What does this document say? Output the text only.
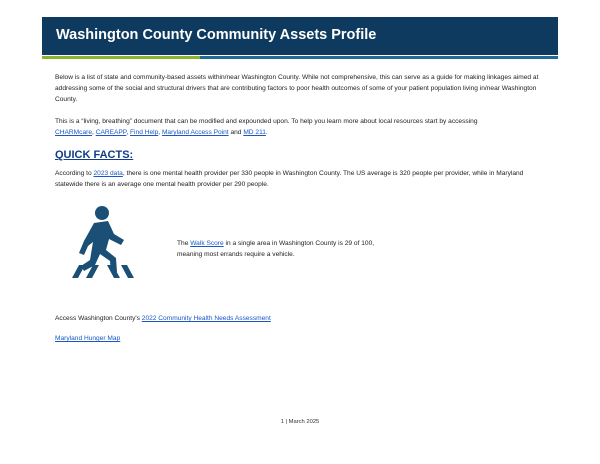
Washington County Community Assets Profile
Below is a list of state and community-based assets within/near Washington County. While not comprehensive, this can serve as a guide for making linkages aimed at addressing some of the social and structural drivers that are contributing factors to poor health outcomes of some of your patient population living in/near Washington County.
This is a “living, breathing” document that can be modified and expounded upon. To help you learn more about local resources start by accessing
CHARMcare, CAREAPP, Find Help, Maryland Access Point and MD 211.
QUICK FACTS:
According to 2023 data, there is one mental health provider per 330 people in Washington County. The US average is 320 people per provider, while in Maryland statewide there is an average one mental health provider per 290 people.
The Walk Score in a single area in Washington County is 29 of 100,
meaning most errands require a vehicle.
Access Washington County's 2022 Community Health Needs Assessment
Maryland Hunger Map
1 | March 2025
